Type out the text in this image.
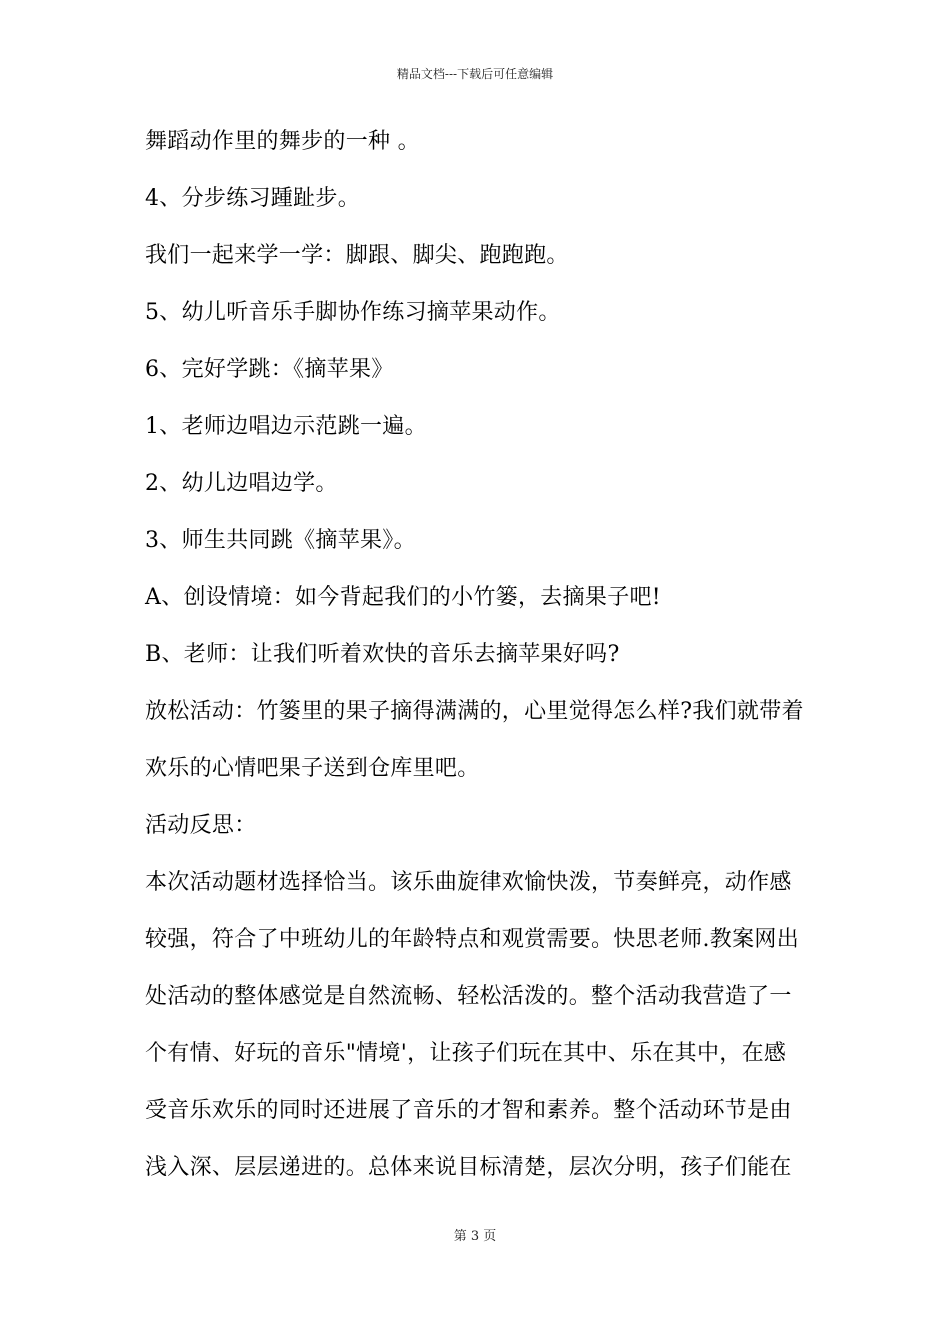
精品文档---下载后可任意编辑
舞蹈动作里的舞步的一种 。
4、分步练习踵趾步。
我们一起来学一学：脚跟、脚尖、跑跑跑。
5、幼儿听音乐手脚协作练习摘苹果动作。
6、完好学跳：《摘苹果》
1、老师边唱边示范跳一遍。
2、幼儿边唱边学。
3、师生共同跳《摘苹果》。
A、创设情境：如今背起我们的小竹篓，去摘果子吧!
B、老师：让我们听着欢快的音乐去摘苹果好吗?
放松活动：竹篓里的果子摘得满满的，心里觉得怎么样?我们就带着
欢乐的心情吧果子送到仓库里吧。
活动反思：
本次活动题材选择恰当。该乐曲旋律欢愉快泼，节奏鲜亮，动作感
较强，符合了中班幼儿的年龄特点和观赏需要。快思老师.教案网出
处活动的整体感觉是自然流畅、轻松活泼的。整个活动我营造了一
个有情、好玩的音乐"情境'，让孩子们玩在其中、乐在其中，在感
受音乐欢乐的同时还进展了音乐的才智和素养。整个活动环节是由
浅入深、层层递进的。总体来说目标清楚，层次分明，孩子们能在
第 3 页
